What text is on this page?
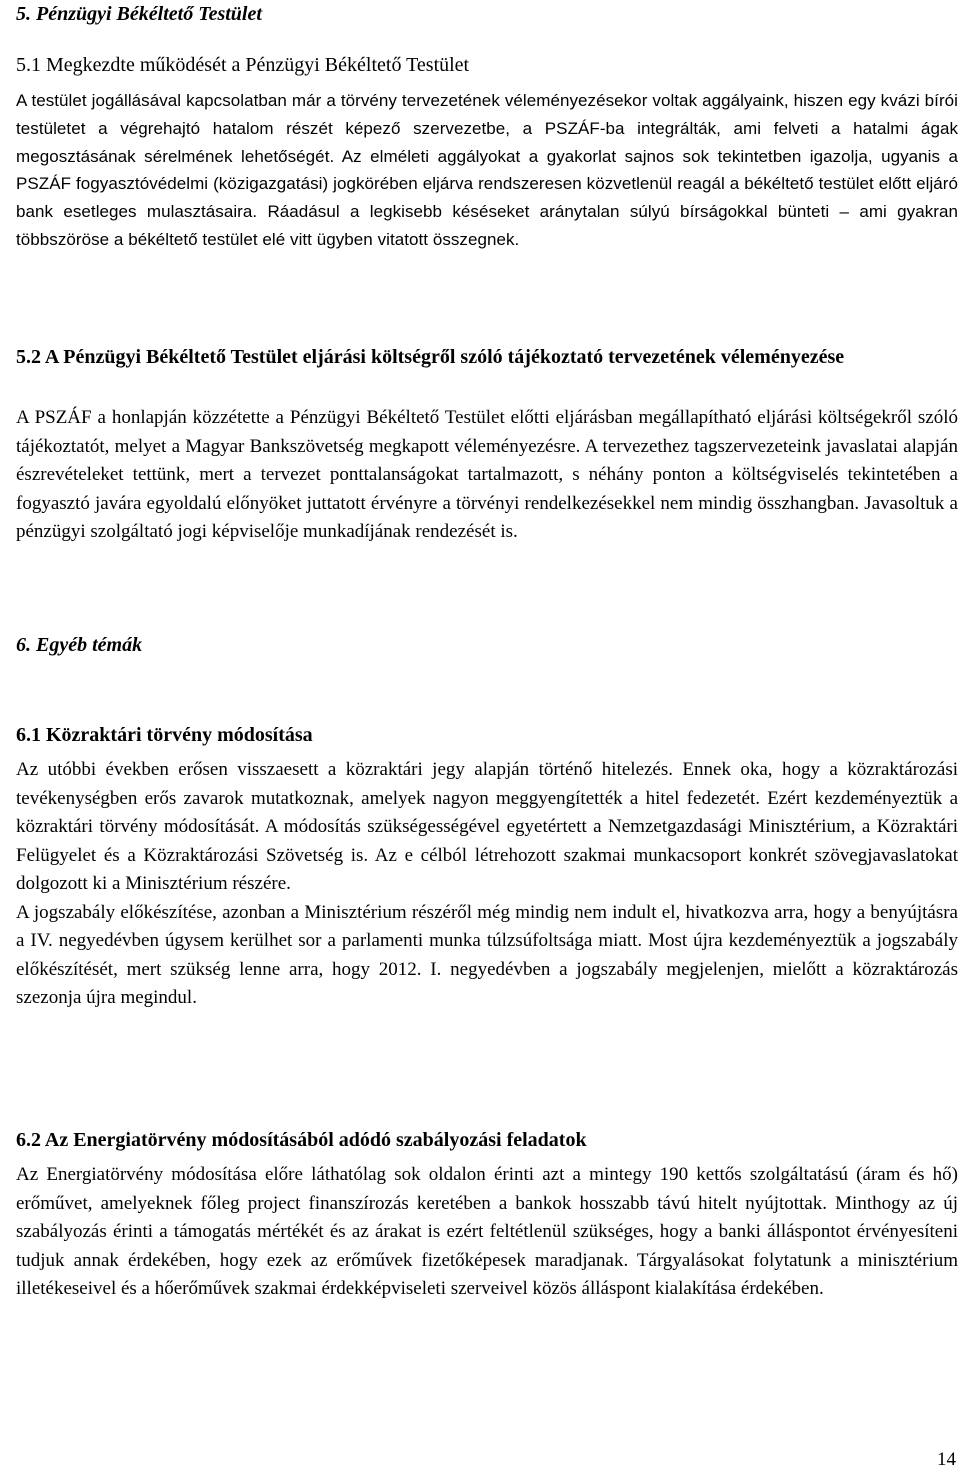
5. Pénzügyi Békéltető Testület
5.1 Megkezdte működését a Pénzügyi Békéltető Testület

A testület jogállásával kapcsolatban már a törvény tervezetének véleményezésekor voltak aggályaink, hiszen egy kvázi bírói testületet a végrehajtó hatalom részét képező szervezetbe, a PSZÁF-ba integrálták, ami felveti a hatalmi ágak megosztásának sérelmének lehetőségét. Az elméleti aggályokat a gyakorlat sajnos sok tekintetben igazolja, ugyanis a PSZÁF fogyasztóvédelmi (közigazgatási) jogkörében eljárva rendszeresen közvetlenül reagál a békéltető testület előtt eljáró bank esetleges mulasztásaira. Ráadásul a legkisebb késéseket aránytalan súlyú bírságokkal bünteti – ami gyakran többszöröse a békéltető testület elé vitt ügyben vitatott összegnek.

5.2 A Pénzügyi Békéltető Testület eljárási költségről szóló tájékoztató tervezetének véleményezése

A PSZÁF a honlapján közzétette a Pénzügyi Békéltető Testület előtti eljárásban megállapítható eljárási költségekről szóló tájékoztatót, melyet a Magyar Bankszövetség megkapott véleményezésre. A tervezethez tagszervezeteink javaslatai alapján észrevételeket tettünk, mert a tervezet ponttalanságokat tartalmazott, s néhány ponton a költségviselés tekintetében a fogyasztó javára egyoldalú előnyöket juttatott érvényre a törvényi rendelkezésekkel nem mindig összhangban. Javasoltuk a pénzügyi szolgáltató jogi képviselője munkadíjának rendezését is.

6. Egyéb témák
6.1 Közraktári törvény módosítása

Az utóbbi években erősen visszaesett a közraktári jegy alapján történő hitelezés. Ennek oka, hogy a közraktározási tevékenységben erős zavarok mutatkoznak, amelyek nagyon meggyengítették a hitel fedezetét. Ezért kezdeményeztük a közraktári törvény módosítását. A módosítás szükségességével egyetértett a Nemzetgazdasági Minisztérium, a Közraktári Felügyelet és a Közraktározási Szövetség is. Az e célból létrehozott szakmai munkacsoport konkrét szövegjavaslatokat dolgozott ki a Minisztérium részére.

A jogszabály előkészítése, azonban a Minisztérium részéről még mindig nem indult el, hivatkozva arra, hogy a benyújtásra a IV. negyedévben úgysem kerülhet sor a parlamenti munka túlzsúfoltsága miatt. Most újra kezdeményeztük a jogszabály előkészítését, mert szükség lenne arra, hogy 2012. I. negyedévben a jogszabály megjelenjen, mielőtt a közraktározás szezonja újra megindul.

6.2 Az Energiatörvény módosításából adódó szabályozási feladatok

Az Energiatörvény módosítása előre láthatólag sok oldalon érinti azt a mintegy 190 kettős szolgáltatású (áram és hő) erőművet, amelyeknek főleg project finanszírozás keretében a bankok hosszabb távú hitelt nyújtottak. Minthogy az új szabályozás érinti a támogatás mértékét és az árakat is ezért feltétlenül szükséges, hogy a banki álláspontot érvényesíteni tudjuk annak érdekében, hogy ezek az erőművek fizetőképesek maradjanak. Tárgyalásokat folytatunk a minisztérium illetékeseivel és a hőerőművek szakmai érdekképviseleti szerveivel közös álláspont kialakítása érdekében.

14
